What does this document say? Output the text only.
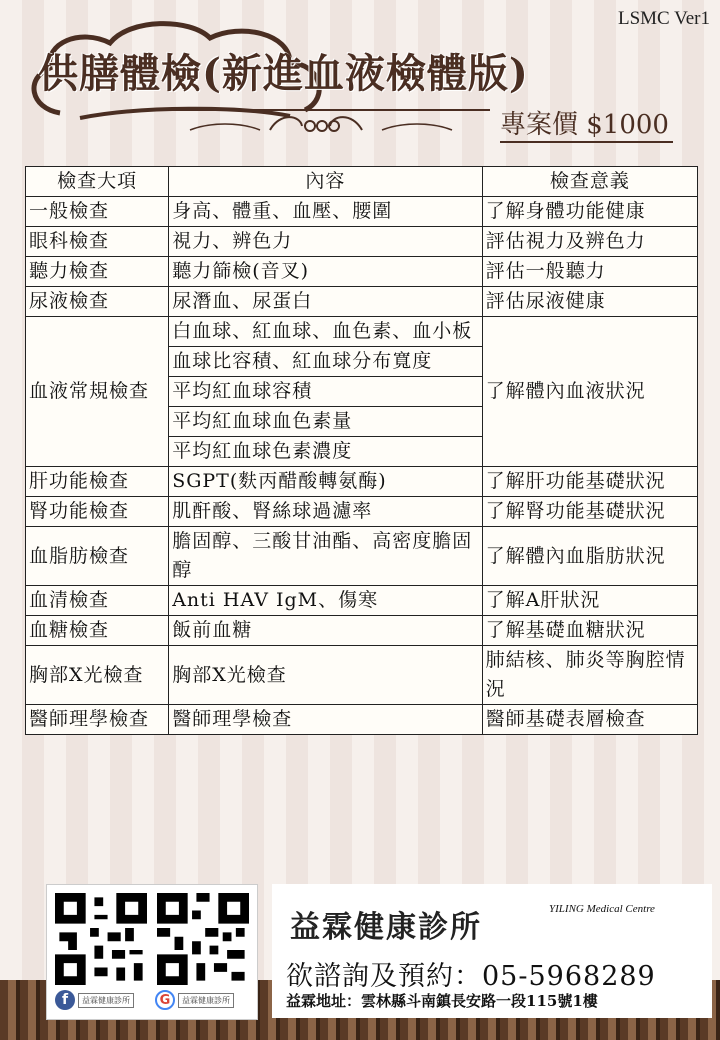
LSMC Ver1
供膳體檢(新進血液檢體版)
專案價 $1000
檢查大項	內容	檢查意義
一般檢查	身高、體重、血壓、腰圍	了解身體功能健康
眼科檢查	視力、辨色力	評估視力及辨色力
聽力檢查	聽力篩檢(音叉)	評估一般聽力
尿液檢查	尿潛血、尿蛋白	評估尿液健康
血液常規檢查	白血球、紅血球、血色素、血小板	了解體內血液狀況
	血球比容積、紅血球分布寬度	
	平均紅血球容積	
	平均紅血球血色素量	
	平均紅血球色素濃度	
肝功能檢查	SGPT(麩丙醋酸轉氨酶)	了解肝功能基礎狀況
腎功能檢查	肌酐酸、腎絲球過濾率	了解腎功能基礎狀況
血脂肪檢查	膽固醇、三酸甘油酯、高密度膽固醇	了解體內血脂肪狀況
血清檢查	Anti HAV IgM、傷寒	了解A肝狀況
血糖檢查	飯前血糖	了解基礎血糖狀況
胸部X光檢查	胸部X光檢查	肺結核、肺炎等胸腔情況
醫師理學檢查	醫師理學檢查	醫師基礎表層檢查
f	益霖健康診所	G	益霖健康診所
益霖健康診所
YILING Medical Centre
欲諮詢及預約：05-5968289
益霖地址：雲林縣斗南鎮長安路一段115號1樓
